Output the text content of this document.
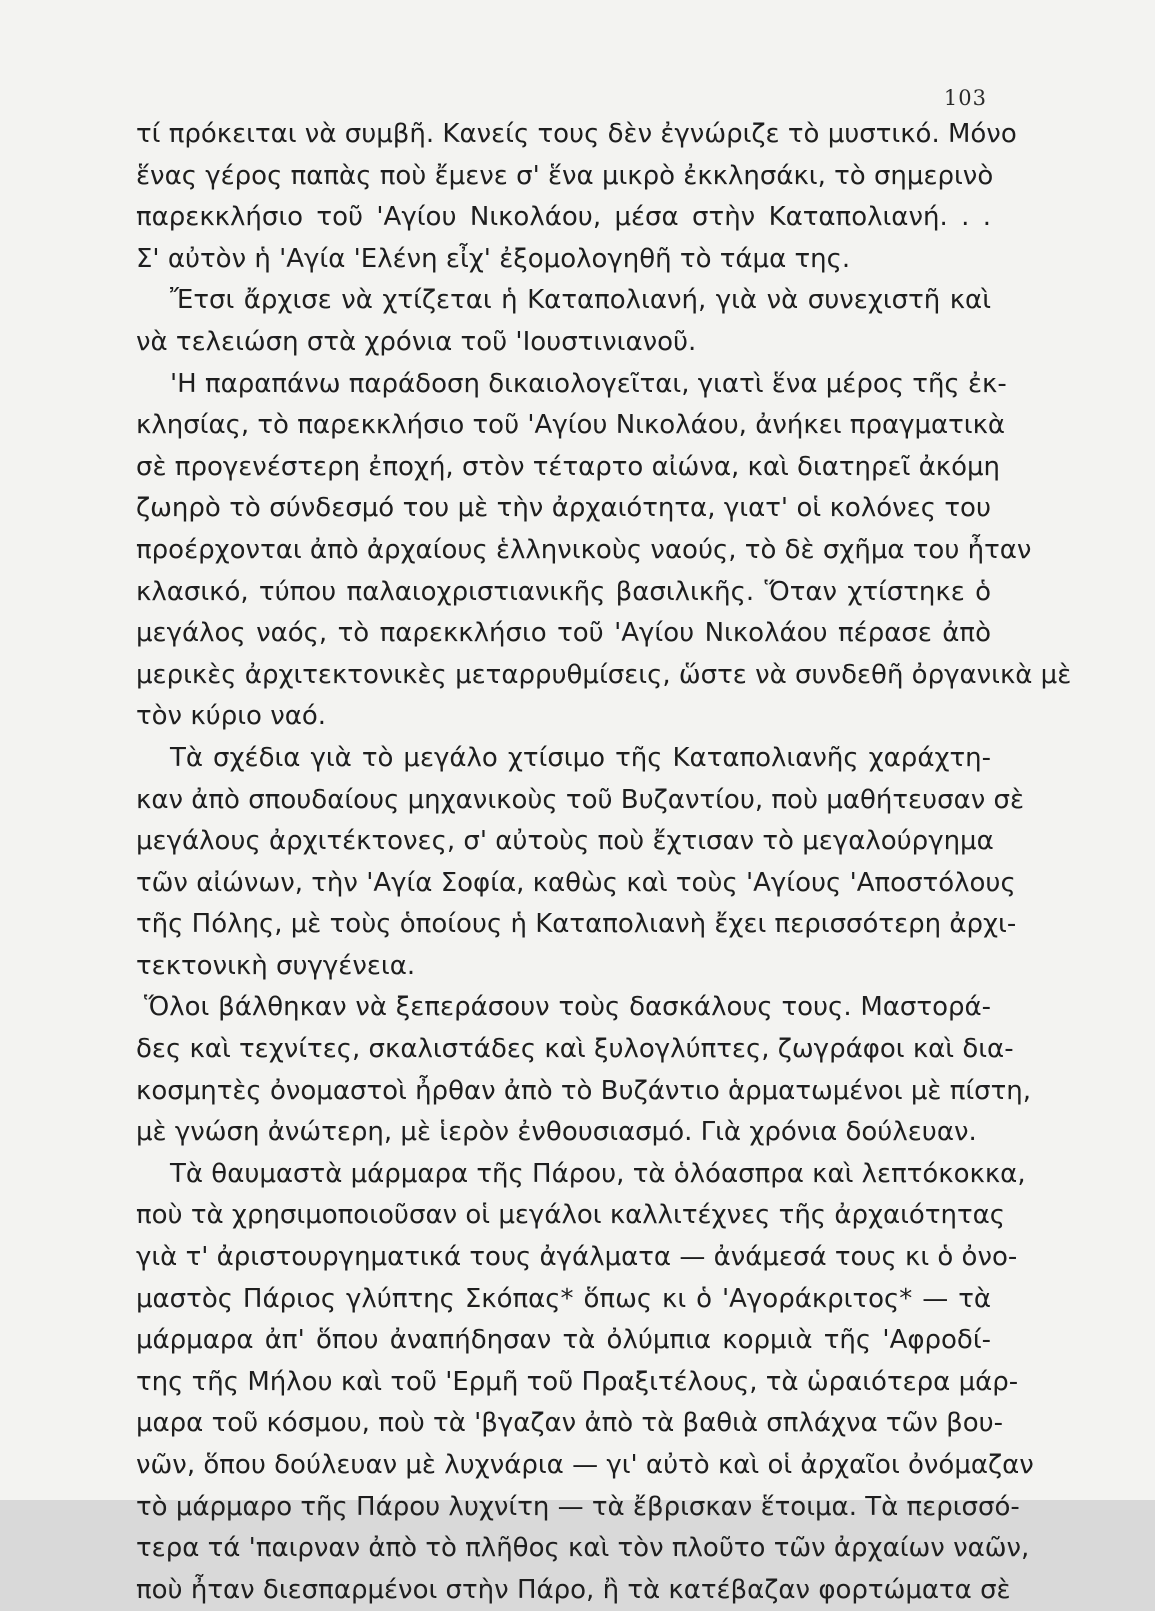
103
τί πρόκειται νὰ συμβῆ. Κανείς τους δὲν ἐγνώριζε τὸ μυστικό. Μόνο
ἕνας γέρος παπὰς ποὺ ἔμενε σ' ἕνα μικρὸ ἐκκλησάκι, τὸ σημερινὸ
παρεκκλήσιο τοῦ 'Αγίου Νικολάου, μέσα στὴν Καταπολιανή. . .
Σ' αὐτὸν ἡ 'Αγία 'Ελένη εἶχ' ἐξομολογηθῆ τὸ τάμα της.
Ἔτσι ἄρχισε νὰ χτίζεται ἡ Καταπολιανή, γιὰ νὰ συνεχιστῆ καὶ
νὰ τελειώση στὰ χρόνια τοῦ 'Ιουστινιανοῦ.
'Η παραπάνω παράδοση δικαιολογεῖται, γιατὶ ἕνα μέρος τῆς ἐκ-
κλησίας, τὸ παρεκκλήσιο τοῦ 'Αγίου Νικολάου, ἀνήκει πραγματικὰ
σὲ προγενέστερη ἐποχή, στὸν τέταρτο αἰώνα, καὶ διατηρεῖ ἀκόμη
ζωηρὸ τὸ σύνδεσμό του μὲ τὴν ἀρχαιότητα, γιατ' οἱ κολόνες του
προέρχονται ἀπὸ ἀρχαίους ἑλληνικοὺς ναούς, τὸ δὲ σχῆμα του ἦταν
κλασικό, τύπου παλαιοχριστιανικῆς βασιλικῆς. Ὅταν χτίστηκε ὁ
μεγάλος ναός, τὸ παρεκκλήσιο τοῦ 'Αγίου Νικολάου πέρασε ἀπὸ
μερικὲς ἀρχιτεκτονικὲς μεταρρυθμίσεις, ὥστε νὰ συνδεθῆ ὀργανικὰ μὲ
τὸν κύριο ναό.
Τὰ σχέδια γιὰ τὸ μεγάλο χτίσιμο τῆς Καταπολιανῆς χαράχτη-
καν ἀπὸ σπουδαίους μηχανικοὺς τοῦ Βυζαντίου, ποὺ μαθήτευσαν σὲ
μεγάλους ἀρχιτέκτονες, σ' αὐτοὺς ποὺ ἔχτισαν τὸ μεγαλούργημα
τῶν αἰώνων, τὴν 'Αγία Σοφία, καθὼς καὶ τοὺς 'Αγίους 'Αποστόλους
τῆς Πόλης, μὲ τοὺς ὁποίους ἡ Καταπολιανὴ ἔχει περισσότερη ἀρχι-
τεκτονικὴ συγγένεια.
Ὅλοι βάλθηκαν νὰ ξεπεράσουν τοὺς δασκάλους τους. Μαστορά-
δες καὶ τεχνίτες, σκαλιστάδες καὶ ξυλογλύπτες, ζωγράφοι καὶ δια-
κοσμητὲς ὀνομαστοὶ ἦρθαν ἀπὸ τὸ Βυζάντιο ἁρματωμένοι μὲ πίστη,
μὲ γνώση ἀνώτερη, μὲ ἱερὸν ἐνθουσιασμό. Γιὰ χρόνια δούλευαν.
Τὰ θαυμαστὰ μάρμαρα τῆς Πάρου, τὰ ὁλόασπρα καὶ λεπτόκοκκα,
ποὺ τὰ χρησιμοποιοῦσαν οἱ μεγάλοι καλλιτέχνες τῆς ἀρχαιότητας
γιὰ τ' ἀριστουργηματικά τους ἀγάλματα — ἀνάμεσά τους κι ὁ ὀνο-
μαστὸς Πάριος γλύπτης Σκόπας* ὅπως κι ὁ 'Αγοράκριτος* — τὰ
μάρμαρα ἀπ' ὅπου ἀναπήδησαν τὰ ὀλύμπια κορμιὰ τῆς 'Αφροδί-
της τῆς Μήλου καὶ τοῦ 'Ερμῆ τοῦ Πραξιτέλους, τὰ ὡραιότερα μάρ-
μαρα τοῦ κόσμου, ποὺ τὰ 'βγαζαν ἀπὸ τὰ βαθιὰ σπλάχνα τῶν βου-
νῶν, ὅπου δούλευαν μὲ λυχνάρια — γι' αὐτὸ καὶ οἱ ἀρχαῖοι ὀνόμαζαν
τὸ μάρμαρο τῆς Πάρου λυχνίτη — τὰ ἔβρισκαν ἕτοιμα. Τὰ περισσό-
τερα τά 'παιρναν ἀπὸ τὸ πλῆθος καὶ τὸν πλοῦτο τῶν ἀρχαίων ναῶν,
ποὺ ἦταν διεσπαρμένοι στὴν Πάρο, ἢ τὰ κατέβαζαν φορτώματα σὲ
